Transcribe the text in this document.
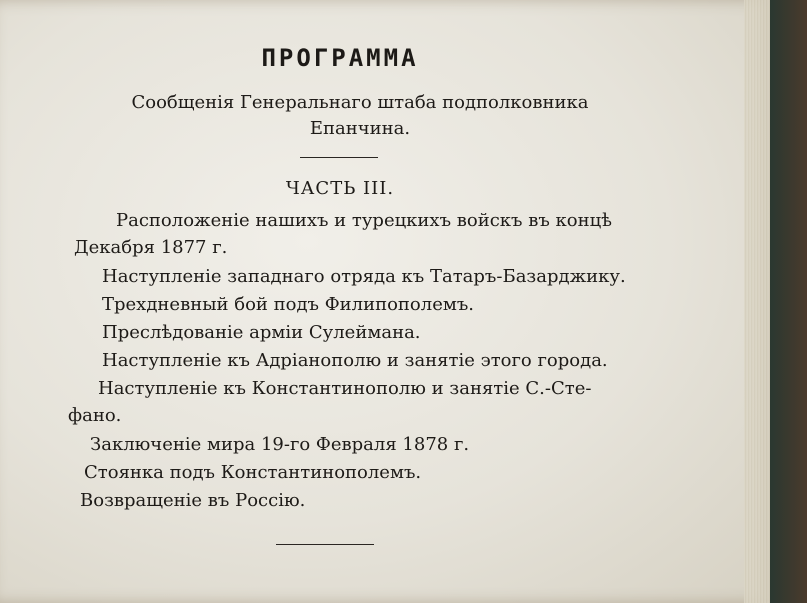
ПРОГРАММА
Сообщенія Генеральнаго штаба подполковника
Епанчина.
ЧАСТЬ III.
Расположеніе нашихъ и турецкихъ войскъ въ концѣ
Декабря 1877 г.
Наступленіе западнаго отряда къ Татаръ-Базарджику.
Трехдневный бой подъ Филипополемъ.
Преслѣдованіе арміи Сулеймана.
Наступленіе къ Адріанополю и занятіе этого города.
Наступленіе къ Константинополю и занятіе С.-Сте-
фано.
Заключеніе мира 19-го Февраля 1878 г.
Стоянка подъ Константинополемъ.
Возвращеніе въ Россію.
